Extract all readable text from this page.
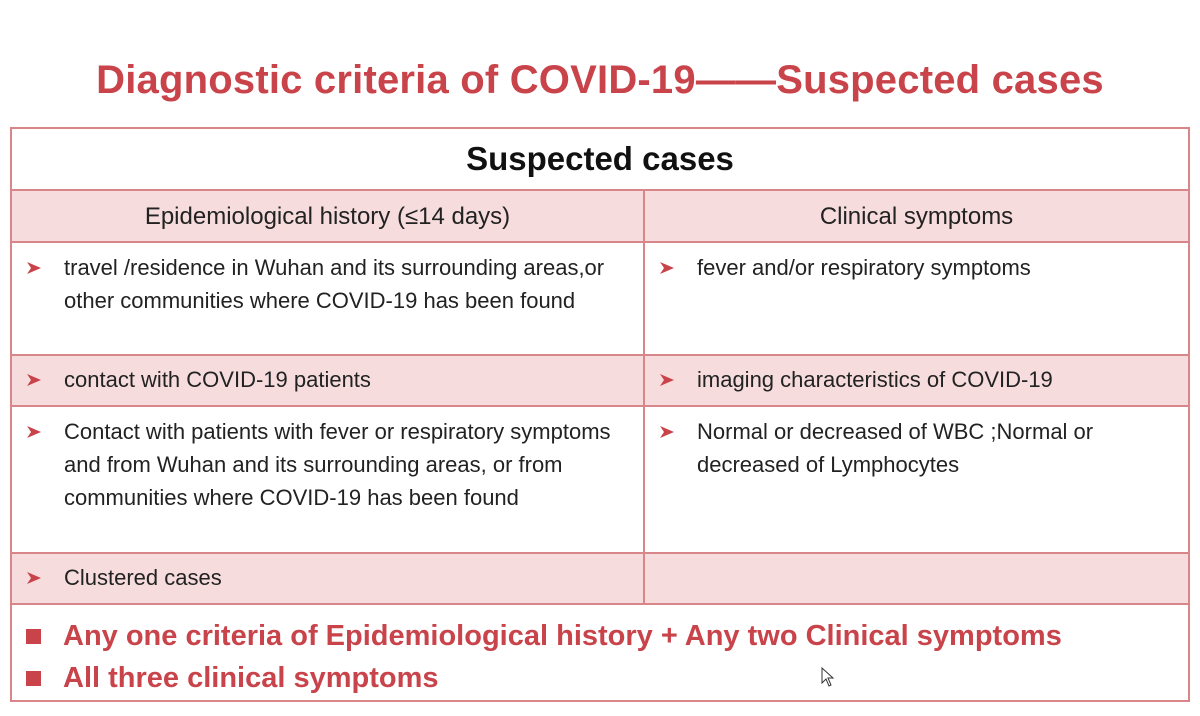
Diagnostic criteria of COVID-19——Suspected cases
Suspected cases
Epidemiological history (≤14 days)	Clinical symptoms
travel /residence in Wuhan and its surrounding areas,or other communities where COVID-19 has been found
fever and/or respiratory symptoms
contact with COVID-19 patients	imaging characteristics of COVID-19
Contact with patients with fever or respiratory symptoms and from Wuhan and its surrounding areas, or from communities where COVID-19 has been found
Normal or decreased of WBC ;Normal or decreased of Lymphocytes
Clustered cases
Any one criteria of Epidemiological history + Any two Clinical symptoms
All three clinical symptoms
